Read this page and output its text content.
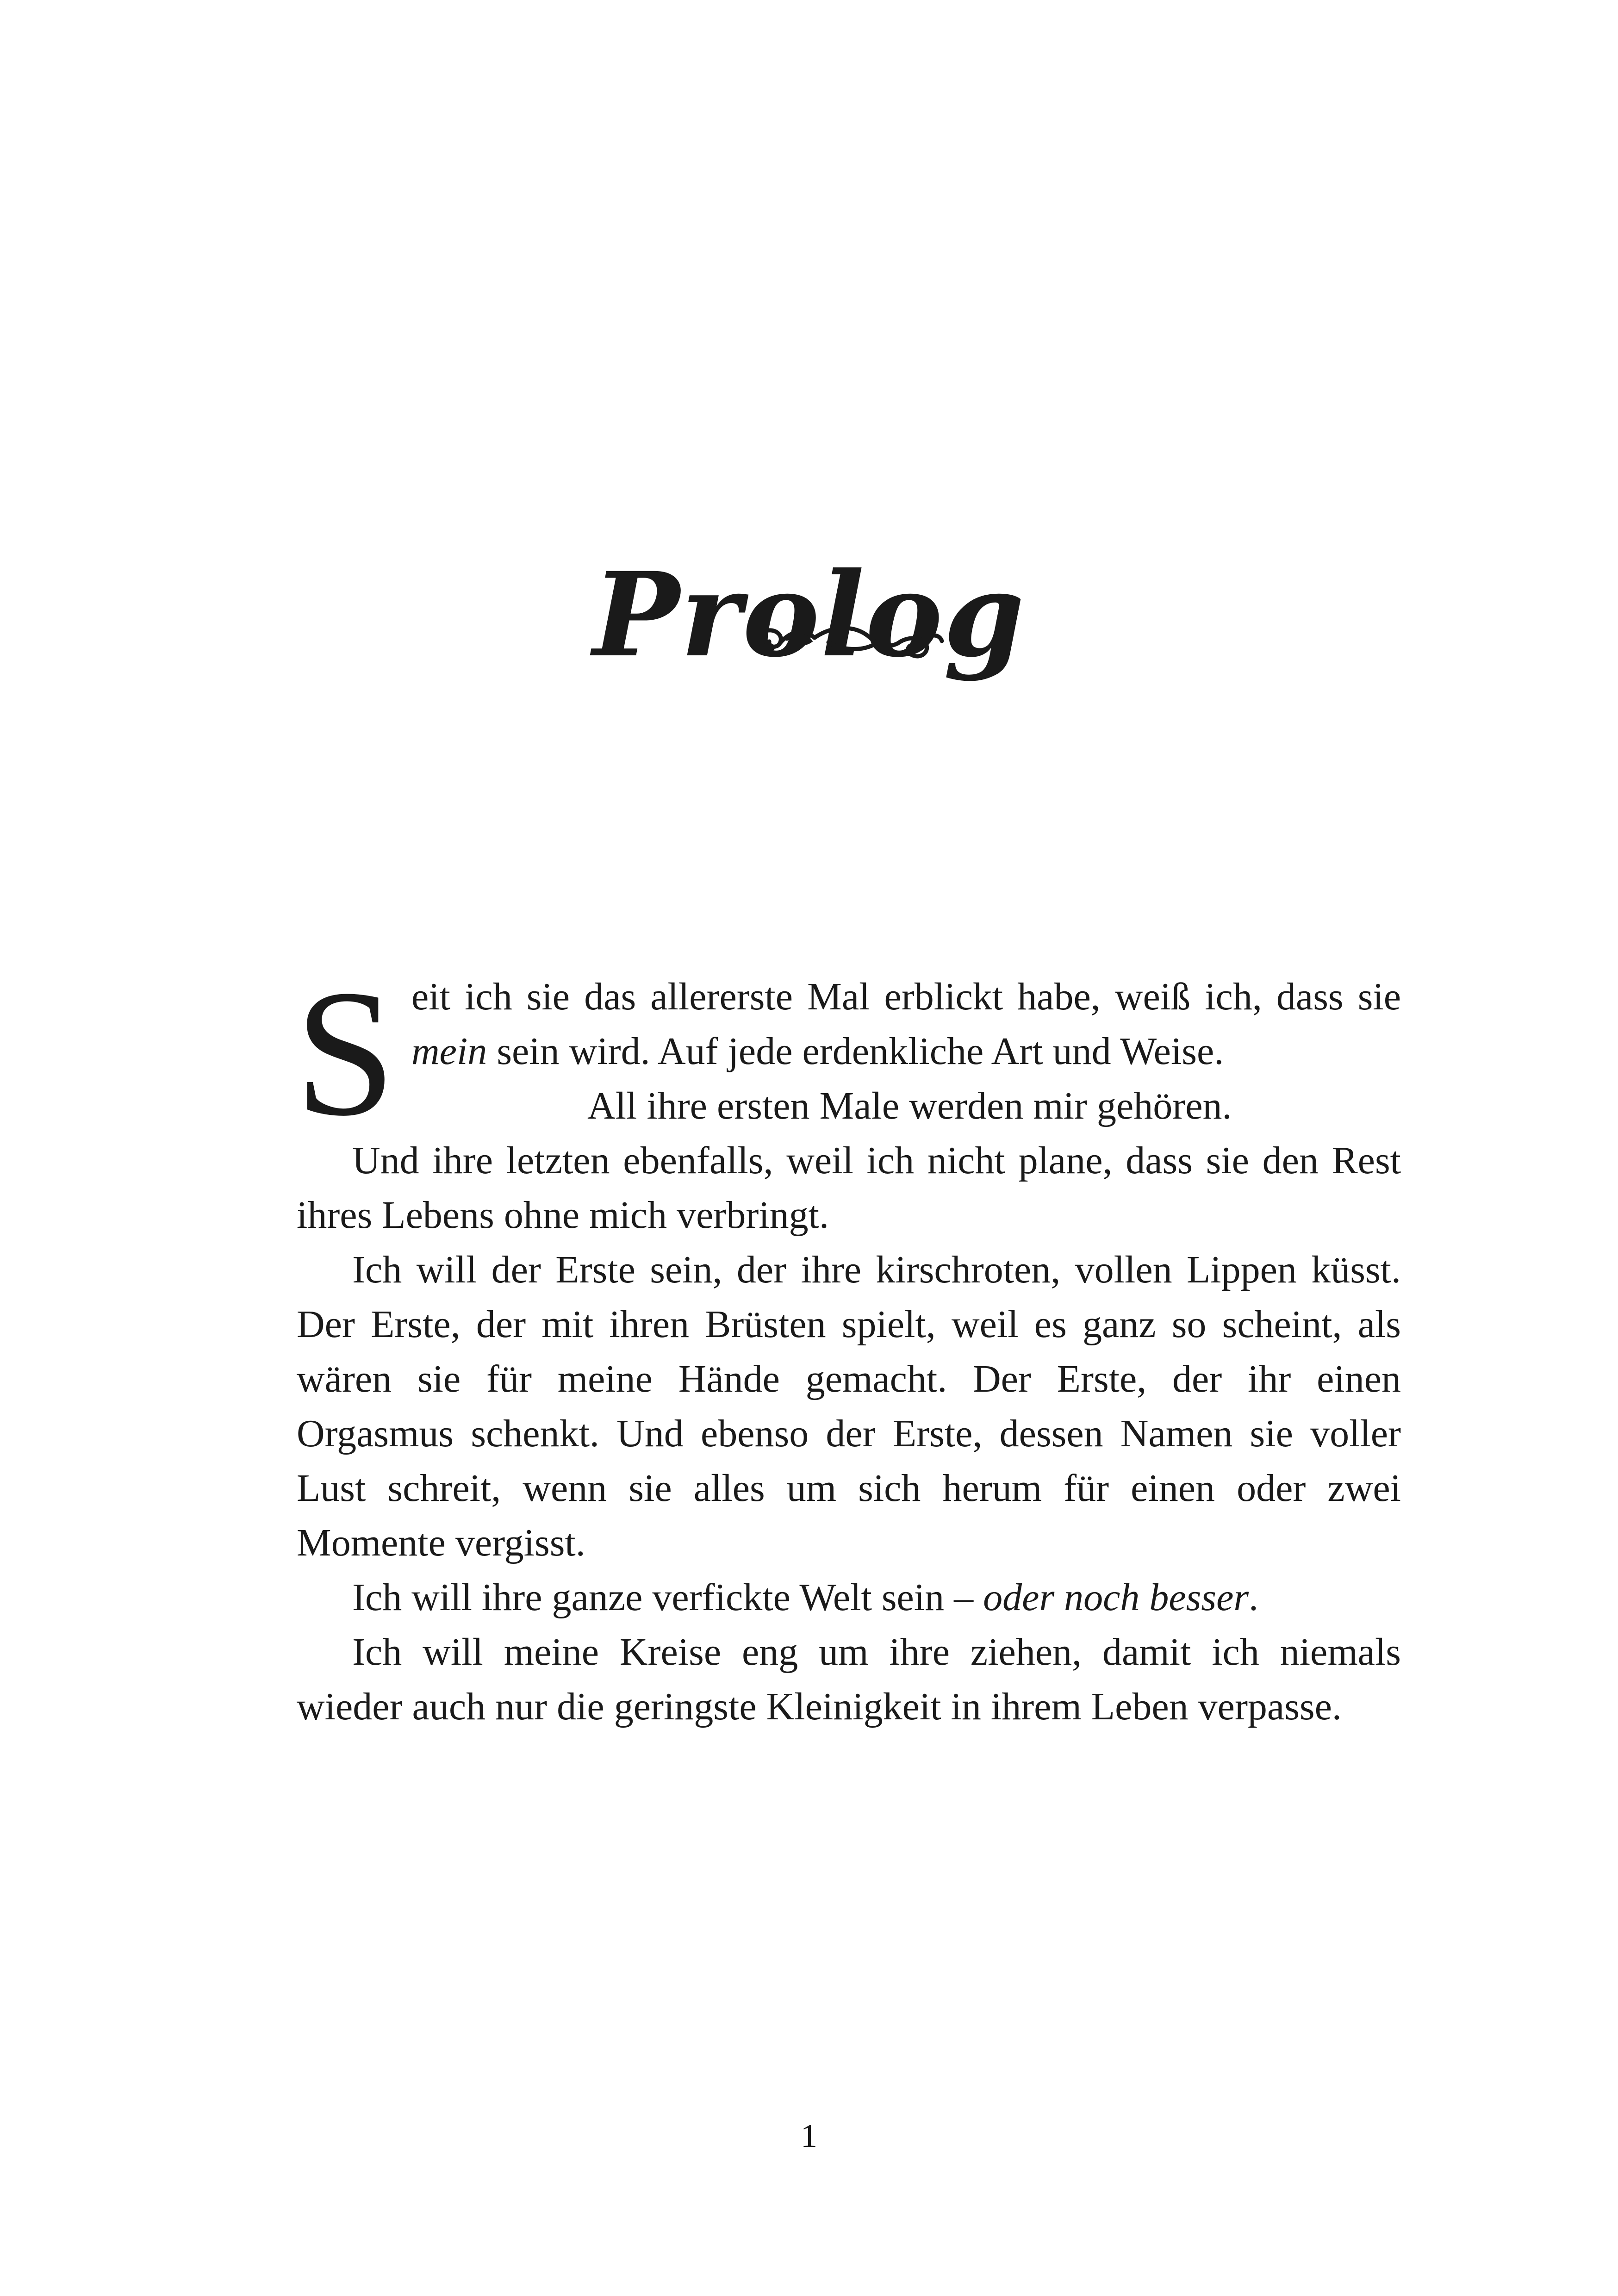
Prolog

Seit ich sie das allererste Mal erblickt habe, weiß ich, dass sie mein sein wird. Auf jede erdenkliche Art und Weise.

All ihre ersten Male werden mir gehören.

Und ihre letzten ebenfalls, weil ich nicht plane, dass sie den Rest ihres Lebens ohne mich verbringt.

Ich will der Erste sein, der ihre kirschroten, vollen Lippen küsst. Der Erste, der mit ihren Brüsten spielt, weil es ganz so scheint, als wären sie für meine Hände gemacht. Der Erste, der ihr einen Orgasmus schenkt. Und ebenso der Erste, dessen Namen sie voller Lust schreit, wenn sie alles um sich herum für einen oder zwei Momente vergisst.

Ich will ihre ganze verfickte Welt sein – oder noch besser.

Ich will meine Kreise eng um ihre ziehen, damit ich niemals wieder auch nur die geringste Kleinigkeit in ihrem Leben verpasse.

1
